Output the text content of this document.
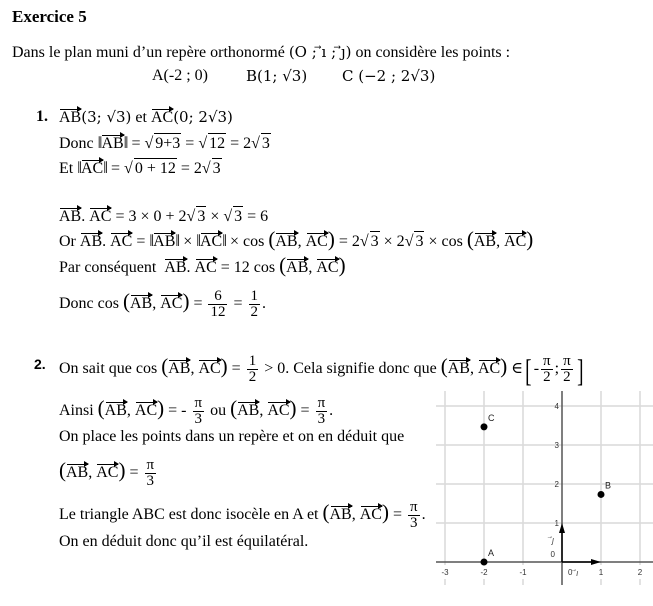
Exercice 5
Dans le plan muni d’un repère orthonormé (O ; ⃗ı ; ⃗ȷ) on considère les points :
A(-2 ; 0)	B(1; √3) C (−2 ; 2√3)
1. AB(3; √3) et AC(0; 2√3)
Donc ‖AB‖ = √ 9+3 = √ 12 = 2√ 3
Et ‖AC‖ = √ 0 + 12 = 2√ 3
AB. AC = 3 × 0 + 2√ 3 × √ 3 = 6
Or AB. AC = ‖AB‖ × ‖AC‖ × cos (AB, AC) = 2√ 3 × 2√ 3 × cos (AB, AC)
Par conséquent AB. AC = 12 cos (AB, AC)
Donc cos (AB, $AC) = \frac{6}{12} = \frac{1}{2}$ .
2. On sait que cos (AB, $AC) = \frac{1}{2} > 0$. Cela signifie donc que (AB, AC) ∈[ - $\frac{\pi}{2}$ ; $\frac{\pi}{2}$ ]
Ainsi (AB, AC) = - $\frac{\pi}{3}$ ou (AB, $AC) = \frac{\pi}{3}$ .
On place les points dans un repère et on en déduit que
(AB, $AC) = \frac{\pi}{3}$
Le triangle ABC est donc isocèle en A et (AB, $AC) = \frac{\pi}{3}$ .
On en déduit donc qu’il est équilatéral.
-3	-2	-1	1	2
1
2
3
4
0
0 ⃗ı
⃗ȷ
A
B
C
